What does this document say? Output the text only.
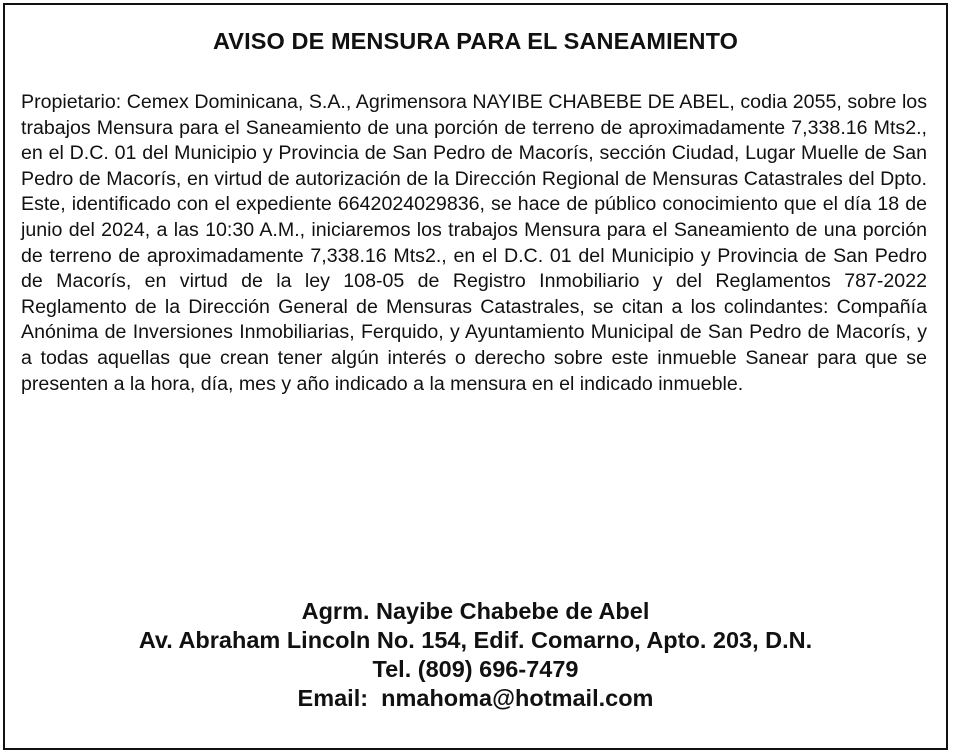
AVISO DE MENSURA PARA EL SANEAMIENTO

Propietario: Cemex Dominicana, S.A., Agrimensora NAYIBE CHABEBE DE ABEL, codia 2055, sobre los trabajos Mensura para el Saneamiento de una porción de terreno de aproximadamente 7,338.16 Mts2., en el D.C. 01 del Municipio y Provincia de San Pedro de Macorís, sección Ciudad, Lugar Muelle de San Pedro de Macorís, en virtud de autorización de la Dirección Regional de Mensuras Catastrales del Dpto. Este, identificado con el expediente 6642024029836, se hace de público conocimiento que el día 18 de junio del 2024, a las 10:30 A.M., iniciaremos los trabajos Mensura para el Saneamiento de una porción de terreno de aproximadamente 7,338.16 Mts2., en el D.C. 01 del Municipio y Provincia de San Pedro de Macorís, en virtud de la ley 108-05 de Registro Inmobiliario y del Reglamentos 787-2022 Reglamento de la Dirección General de Mensuras Catastrales, se citan a los colindantes: Compañía Anónima de Inversiones Inmobiliarias, Ferquido, y Ayuntamiento Municipal de San Pedro de Macorís, y a todas aquellas que crean tener algún interés o derecho sobre este inmueble Sanear para que se presenten a la hora, día, mes y año indicado a la mensura en el indicado inmueble.

Agrm. Nayibe Chabebe de Abel
Av. Abraham Lincoln No. 154, Edif. Comarno, Apto. 203, D.N.
Tel. (809) 696-7479
Email:  nmahoma@hotmail.com
